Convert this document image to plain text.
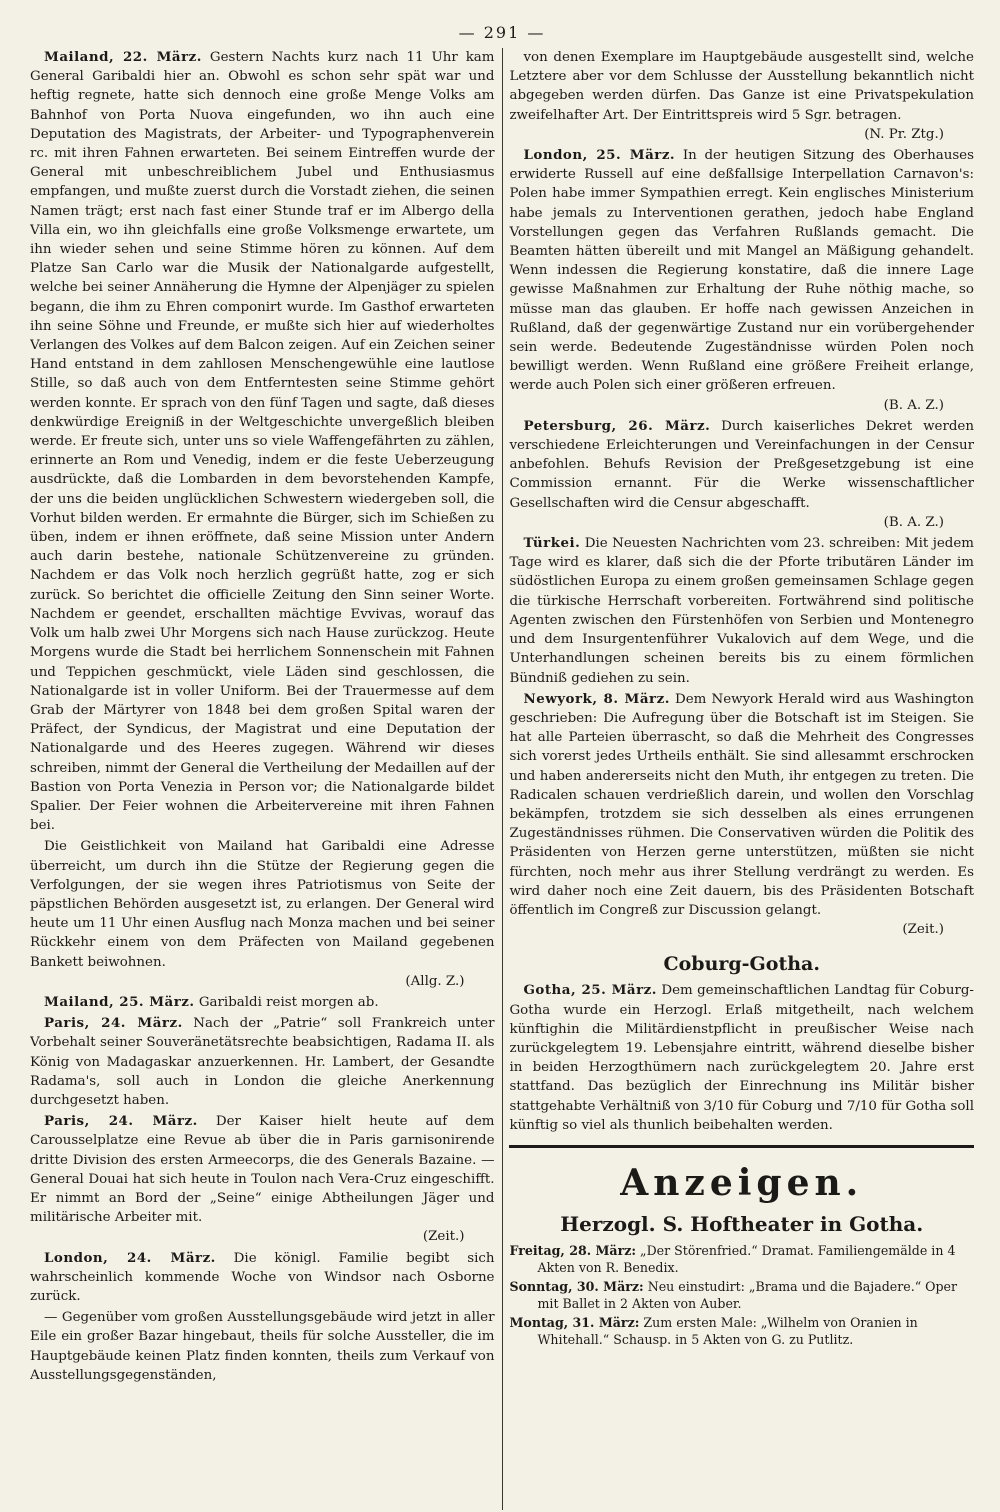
— 291 —

Mailand, 22. März. Gestern Nachts kurz nach 11 Uhr kam General Garibaldi hier an. Obwohl es schon sehr spät war und heftig regnete, hatte sich dennoch eine große Menge Volks am Bahnhof von Porta Nuova eingefunden, wo ihn auch eine Deputation des Magistrats, der Arbeiter- und Typographenverein rc. mit ihren Fahnen erwarteten. Bei seinem Eintreffen wurde der General mit unbeschreiblichem Jubel und Enthusiasmus empfangen, und mußte zuerst durch die Vorstadt ziehen, die seinen Namen trägt; erst nach fast einer Stunde traf er im Albergo della Villa ein, wo ihn gleichfalls eine große Volksmenge erwartete, um ihn wieder sehen und seine Stimme hören zu können. Auf dem Platze San Carlo war die Musik der Nationalgarde aufgestellt, welche bei seiner Annäherung die Hymne der Alpenjäger zu spielen begann, die ihm zu Ehren componirt wurde. Im Gasthof erwarteten ihn seine Söhne und Freunde, er mußte sich hier auf wiederholtes Verlangen des Volkes auf dem Balcon zeigen. Auf ein Zeichen seiner Hand entstand in dem zahllosen Menschengewühle eine lautlose Stille, so daß auch von dem Entferntesten seine Stimme gehört werden konnte. Er sprach von den fünf Tagen und sagte, daß dieses denkwürdige Ereigniß in der Weltgeschichte unvergeßlich bleiben werde. Er freute sich, unter uns so viele Waffengefährten zu zählen, erinnerte an Rom und Venedig, indem er die feste Ueberzeugung ausdrückte, daß die Lombarden in dem bevorstehenden Kampfe, der uns die beiden unglücklichen Schwestern wiedergeben soll, die Vorhut bilden werden. Er ermahnte die Bürger, sich im Schießen zu üben, indem er ihnen eröffnete, daß seine Mission unter Andern auch darin bestehe, nationale Schützenvereine zu gründen. Nachdem er das Volk noch herzlich gegrüßt hatte, zog er sich zurück. So berichtet die officielle Zeitung den Sinn seiner Worte. Nachdem er geendet, erschallten mächtige Evvivas, worauf das Volk um halb zwei Uhr Morgens sich nach Hause zurückzog. Heute Morgens wurde die Stadt bei herrlichem Sonnenschein mit Fahnen und Teppichen geschmückt, viele Läden sind geschlossen, die Nationalgarde ist in voller Uniform. Bei der Trauermesse auf dem Grab der Märtyrer von 1848 bei dem großen Spital waren der Präfect, der Syndicus, der Magistrat und eine Deputation der Nationalgarde und des Heeres zugegen. Während wir dieses schreiben, nimmt der General die Vertheilung der Medaillen auf der Bastion von Porta Venezia in Person vor; die Nationalgarde bildet Spalier. Der Feier wohnen die Arbeitervereine mit ihren Fahnen bei.

Die Geistlichkeit von Mailand hat Garibaldi eine Adresse überreicht, um durch ihn die Stütze der Regierung gegen die Verfolgungen, der sie wegen ihres Patriotismus von Seite der päpstlichen Behörden ausgesetzt ist, zu erlangen. Der General wird heute um 11 Uhr einen Ausflug nach Monza machen und bei seiner Rückkehr einem von dem Präfecten von Mailand gegebenen Bankett beiwohnen.
(Allg. Z.)

Mailand, 25. März. Garibaldi reist morgen ab.

Paris, 24. März. Nach der „Patrie“ soll Frankreich unter Vorbehalt seiner Souveränetätsrechte beabsichtigen, Radama II. als König von Madagaskar anzuerkennen. Hr. Lambert, der Gesandte Radama's, soll auch in London die gleiche Anerkennung durchgesetzt haben.

Paris, 24. März. Der Kaiser hielt heute auf dem Carousselplatze eine Revue ab über die in Paris garnisonirende dritte Division des ersten Armeecorps, die des Generals Bazaine. — General Douai hat sich heute in Toulon nach Vera-Cruz eingeschifft. Er nimmt an Bord der „Seine“ einige Abtheilungen Jäger und militärische Arbeiter mit.
(Zeit.)

London, 24. März. Die königl. Familie begibt sich wahrscheinlich kommende Woche von Windsor nach Osborne zurück.

— Gegenüber vom großen Ausstellungsgebäude wird jetzt in aller Eile ein großer Bazar hingebaut, theils für solche Aussteller, die im Hauptgebäude keinen Platz finden konnten, theils zum Verkauf von Ausstellungsgegenständen,

von denen Exemplare im Hauptgebäude ausgestellt sind, welche Letztere aber vor dem Schlusse der Ausstellung bekanntlich nicht abgegeben werden dürfen. Das Ganze ist eine Privatspekulation zweifelhafter Art. Der Eintrittspreis wird 5 Sgr. betragen.
(N. Pr. Ztg.)

London, 25. März. In der heutigen Sitzung des Oberhauses erwiderte Russell auf eine deßfallsige Interpellation Carnavon's: Polen habe immer Sympathien erregt. Kein englisches Ministerium habe jemals zu Interventionen gerathen, jedoch habe England Vorstellungen gegen das Verfahren Rußlands gemacht. Die Beamten hätten übereilt und mit Mangel an Mäßigung gehandelt. Wenn indessen die Regierung konstatire, daß die innere Lage gewisse Maßnahmen zur Erhaltung der Ruhe nöthig mache, so müsse man das glauben. Er hoffe nach gewissen Anzeichen in Rußland, daß der gegenwärtige Zustand nur ein vorübergehender sein werde. Bedeutende Zugeständnisse würden Polen noch bewilligt werden. Wenn Rußland eine größere Freiheit erlange, werde auch Polen sich einer größeren erfreuen.
(B. A. Z.)

Petersburg, 26. März. Durch kaiserliches Dekret werden verschiedene Erleichterungen und Vereinfachungen in der Censur anbefohlen. Behufs Revision der Preßgesetzgebung ist eine Commission ernannt. Für die Werke wissenschaftlicher Gesellschaften wird die Censur abgeschafft.
(B. A. Z.)

Türkei. Die Neuesten Nachrichten vom 23. schreiben: Mit jedem Tage wird es klarer, daß sich die der Pforte tributären Länder im südöstlichen Europa zu einem großen gemeinsamen Schlage gegen die türkische Herrschaft vorbereiten. Fortwährend sind politische Agenten zwischen den Fürstenhöfen von Serbien und Montenegro und dem Insurgentenführer Vukalovich auf dem Wege, und die Unterhandlungen scheinen bereits bis zu einem förmlichen Bündniß gediehen zu sein.

Newyork, 8. März. Dem Newyork Herald wird aus Washington geschrieben: Die Aufregung über die Botschaft ist im Steigen. Sie hat alle Parteien überrascht, so daß die Mehrheit des Congresses sich vorerst jedes Urtheils enthält. Sie sind allesammt erschrocken und haben andererseits nicht den Muth, ihr entgegen zu treten. Die Radicalen schauen verdrießlich darein, und wollen den Vorschlag bekämpfen, trotzdem sie sich desselben als eines errungenen Zugeständnisses rühmen. Die Conservativen würden die Politik des Präsidenten von Herzen gerne unterstützen, müßten sie nicht fürchten, noch mehr aus ihrer Stellung verdrängt zu werden. Es wird daher noch eine Zeit dauern, bis des Präsidenten Botschaft öffentlich im Congreß zur Discussion gelangt.
(Zeit.)

Coburg-Gotha.

Gotha, 25. März. Dem gemeinschaftlichen Landtag für Coburg-Gotha wurde ein Herzogl. Erlaß mitgetheilt, nach welchem künftighin die Militärdienstpflicht in preußischer Weise nach zurückgelegtem 19. Lebensjahre eintritt, während dieselbe bisher in beiden Herzogthümern nach zurückgelegtem 20. Jahre erst stattfand. Das bezüglich der Einrechnung ins Militär bisher stattgehabte Verhältniß von 3/10 für Coburg und 7/10 für Gotha soll künftig so viel als thunlich beibehalten werden.

Anzeigen.
Herzogl. S. Hoftheater in Gotha.

Freitag, 28. März: „Der Störenfried.“ Dramat. Familiengemälde in 4 Akten von R. Benedix.

Sonntag, 30. März: Neu einstudirt: „Brama und die Bajadere.“ Oper mit Ballet in 2 Akten von Auber.

Montag, 31. März: Zum ersten Male: „Wilhelm von Oranien in Whitehall.“ Schausp. in 5 Akten von G. zu Putlitz.
